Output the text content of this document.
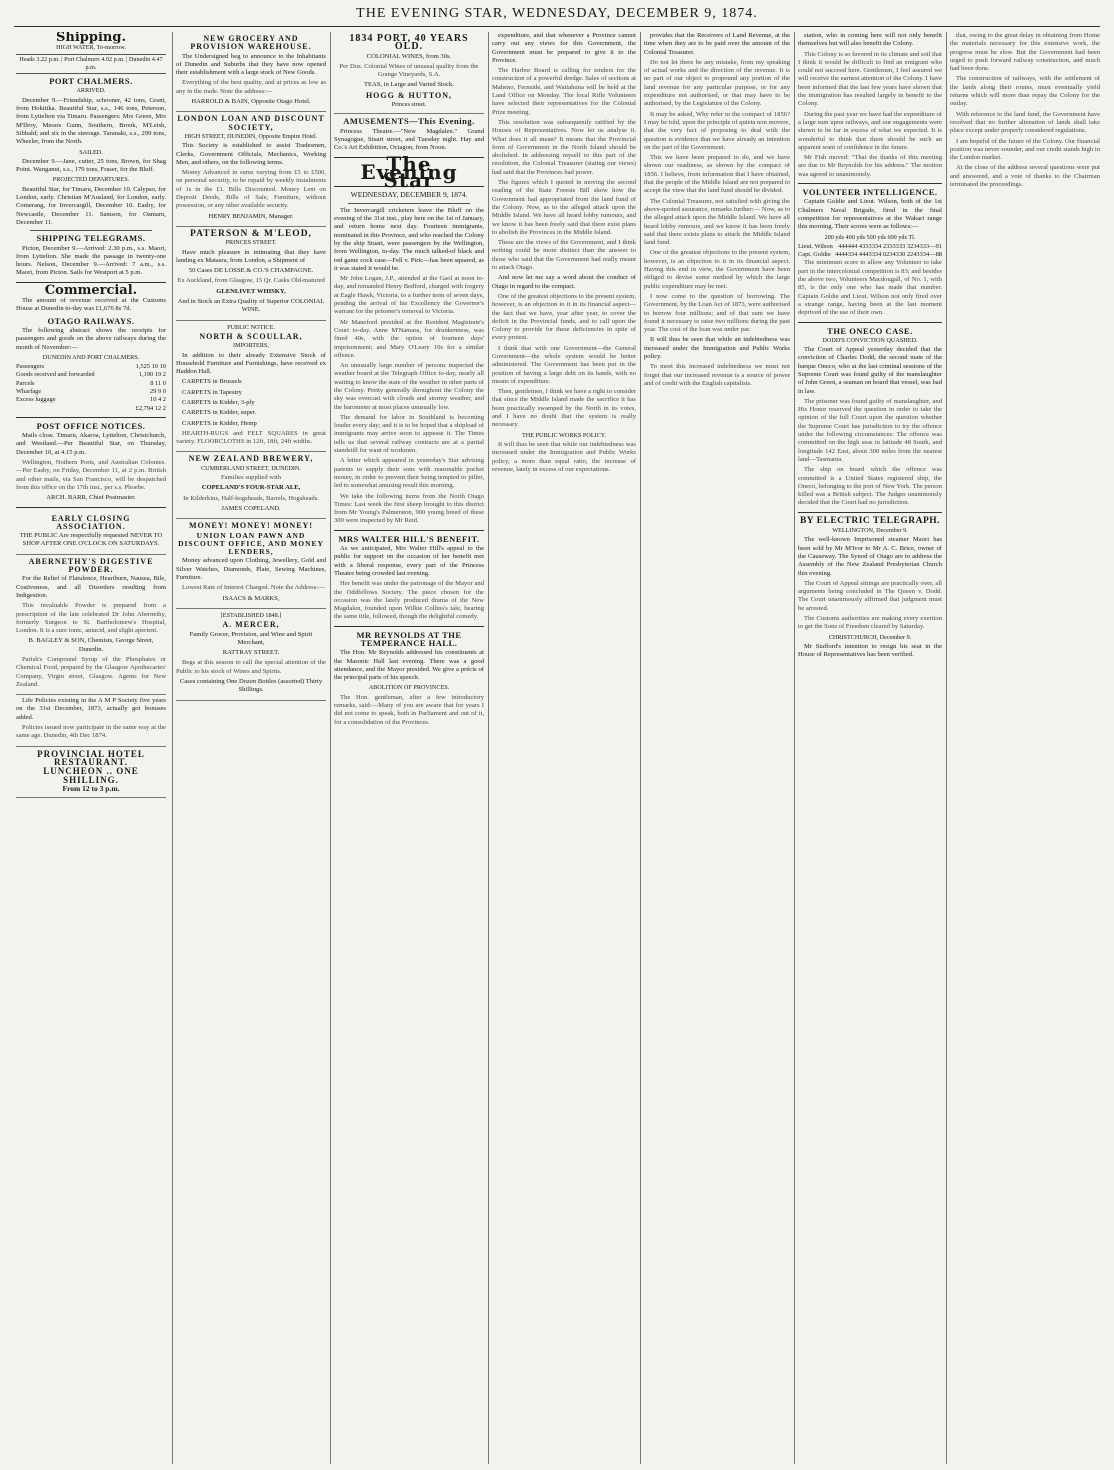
THE EVENING STAR, WEDNESDAY, DECEMBER 9, 1874.
Shipping.
HIGH WATER, To-morrow.
Heads 3.22 p.m. | Port Chalmers 4.02 p.m. | Dunedin 4.47 p.m.
PORT CHALMERS.
ARRIVED.

December 9.—Friendship, schooner, 42 tons, Grant, from Hokitika. Beautiful Star, s.s., 146 tons, Peterson, from Lyttelton via Timaru. Passengers: Mrs Green, Mrs M'Ilroy, Messrs Gunn, Southern, Brook, M'Leish, Sibbald; and six in the steerage. Taranaki, s.s., 299 tons, Wheeler, from the North.

SAILED.

December 9.—Jane, cutter, 25 tons, Brown, for Shag Point. Wanganui, s.s., 179 tons, Fraser, for the Bluff.

PROJECTED DEPARTURES.

Beautiful Star, for Timaru, December 10. Calypso, for London, early. Christian M'Ausland, for London, early. Comerang, for Invercargill, December 10. Easby, for Newcastle, December 11. Samson, for Oamaru, December 11.

SHIPPING TELEGRAMS.

Picton, December 9.—Arrived: 2.30 p.m., s.s. Maori, from Lyttelton. She made the passage in twenty-one hours. Nelson, December 9.—Arrived: 7 a.m., s.s. Maori, from Picton. Sails for Westport at 5 p.m.

Commercial.

The amount of revenue received at the Customs House at Dunedin to-day was £1,676 8s 7d.

OTAGO RAILWAYS.

The following abstract shows the receipts for passengers and goods on the above railways during the month of November:—

DUNEDIN AND PORT CHALMERS.
Passengers	1,525 10 10
Goods received and forwarded	1,190 19 2
Parcels	8 11 0
Wharfage	29 9 0
Excess luggage	10 4 2
	£2,794 12 2
POST OFFICE NOTICES.

Mails close. Timaru, Akaroa, Lyttelton, Christchurch, and Westland.—Per Beautiful Star, on Thursday, December 10, at 4.15 p.m.

Wellington, Nothern Ports, and Australian Colonies.—Per Easby, on Friday, December 11, at 2 p.m. British and other mails, via San Francisco, will be despatched from this office on the 17th inst., per s.s. Phoebe.

ARCH. BARR, Chief Postmaster.

EARLY CLOSING ASSOCIATION.

THE PUBLIC Are respectfully requested NEVER TO SHOP AFTER ONE O'CLOCK ON SATURDAYS.

ABERNETHY'S DIGESTIVE POWDER.

For the Relief of Flatulence, Heartburn, Nausea, Bile, Costiveness, and all Disorders resulting from Indigestion.

This invaluable Powder is prepared from a prescription of the late celebrated Dr John Abernethy, formerly Surgeon to St. Bartholomew's Hospital, London. It is a sure tonic, antacid, and slight aperient.

B. BAGLEY & SON, Chemists, George Street, Dunedin.

Parish's Compound Syrup of the Phosphates or Chemical Food, prepared by the Glasgow Apothecaries' Company, Virgin street, Glasgow. Agents for New Zealand.

Life Policies existing in the A M P Society five years on the 31st December, 1873, actually got bonuses added.

Policies issued now participate in the same way at the same age. Dunedin, 4th Dec 1874.

PROVINCIAL HOTEL RESTAURANT.
LUNCHEON .. ONE SHILLING.
From 12 to 3 p.m.
NEW GROCERY AND PROVISION WAREHOUSE.

The Undersigned beg to announce to the Inhabitants of Dunedin and Suburbs that they have now opened their establishment with a large stock of New Goods.

Everything of the best quality, and at prices as low as any in the trade. Note the address:—

HARROLD & BAIN, Opposite Otago Hotel.

LONDON LOAN AND DISCOUNT SOCIETY,
HIGH STREET, DUNEDIN, Opposite Empire Hotel.

This Society is established to assist Tradesmen, Clerks, Government Officials, Mechanics, Working Men, and others, on the following terms.

Money Advanced in sums varying from £5 to £500, on personal security, to be repaid by weekly instalments of 1s in the £1. Bills Discounted. Money Lent on Deposit Deeds, Bills of Sale, Furniture, without possession, or any other available security.

HENRY BENJAMIN, Manager.

PATERSON & M'LEOD,
PRINCES STREET.

Have much pleasure in intimating that they have landing ex Matasra, from London, a Shipment of

50 Cases DE LOSSE & CO.'S CHAMPAGNE.

Ex Auckland, from Glasgow, 15 Qr. Casks Old-matured

GLENLIVET WHISKY,

And in Stock an Extra Quality of Superior COLONIAL WINE.

PUBLIC NOTICE.
NORTH & SCOULLAR,
IMPORTERS,

In addition to their already Extensive Stock of Household Furniture and Furnishings, have received ex Haddon Hall.

CARPETS in Brussels

CARPETS in Tapestry

CARPETS in Kidder, 3-ply

CARPETS in Kidder, super.

CARPETS in Kidder, Hemp

HEARTH-RUGS and FELT SQUARES in great variety. FLOORCLOTHS in 12ft, 18ft, 24ft widths.

NEW ZEALAND BREWERY,
CUMBERLAND STREET, DUNEDIN.

Families supplied with

COPELAND'S FOUR-STAR ALE,

In Kilderkins, Half-hogsheads, Barrels, Hogsheads.

JAMES COPELAND.

MONEY! MONEY! MONEY!
UNION LOAN PAWN AND DISCOUNT OFFICE, AND MONEY LENDERS,

Money advanced upon Clothing, Jewellery, Gold and Silver Watches, Diamonds, Plate, Sewing Machines, Furniture.

Lowest Rate of Interest Charged. Note the Address:—

ISAACS & MARKS,

[ESTABLISHED 1848.]
A. MERCER,

Family Grocer, Provision, and Wine and Spirit Merchant,

RATTRAY STREET.

Begs at this season to call the special attention of the Public to his stock of Wines and Spirits.

Cases containing One Dozen Bottles (assorted) Thirty Shillings.

1834 PORT, 40 YEARS OLD.

COLONIAL WINES, from 30s.

Per Doz. Colonial Wines of unusual quality from the Grange Vineyards, S.A.

TEAS, in Large and Varied Stock.

HOGG & HUTTON,
Princes street.
AMUSEMENTS—This Evening.

Princess Theatre.—"New Magdalen." Grand Synagogue, Stuart street, and Tuesday night. Hay and Co.'s Art Exhibition, Octagon, from Noon.

The Evening Star
WEDNESDAY, DECEMBER 9, 1874.

The Invercargill cricketers leave the Bluff on the evening of the 31st inst., play here on the 1st of January, and return home next day. Fourteen immigrants, nominated in this Province, and who reached the Colony by the ship Stuart, were passengers by the Wellington, from Wellington, to-day. The much talked-of black and red game cock case—Fell v. Piric—has been squared, as it was stated it would be.

Mr John Logan, J.P., attended at the Gaol at noon to-day, and remanded Henry Bedford, charged with forgery at Eagle Hawk, Victoria, to a further term of seven days, pending the arrival of his Excellency the Governor's warrant for the prisoner's removal to Victoria.

Mr Maneford presided at the Resident Magistrate's Court to-day. Anne M'Namara, for drunkenness, was fined 40s, with the option of fourteen days' imprisonment; and Mary O'Leary 10s for a similar offence.

An unusually large number of persons inspected the weather board at the Telegraph Office to-day, nearly all waiting to know the state of the weather in other parts of the Colony. Pretty generally throughout the Colony the sky was overcast with clouds and stormy weather, and the barometer at most places unusually low.

The demand for labor in Southland is becoming louder every day; and it is to be hoped that a shipload of immigrants may arrive soon to appease it. The Times tells us that several railway contracts are at a partial standstill for want of workmen.

A letter which appeared in yesterday's Star advising parents to supply their sons with reasonable pocket money, in order to prevent their being tempted to pilfer, led to somewhat amusing result this morning.

We take the following items from the North Otago Times: Last week the first sheep brought to this district from Mr Young's Palmerston, 900 young breed of these 300 were inspected by Mr Reid.

MRS WALTER HILL'S BENEFIT.

As we anticipated, Mrs Walter Hill's appeal to the public for support on the occasion of her benefit met with a liberal response, every part of the Princess Theatre being crowded last evening.

Her benefit was under the patronage of the Mayor and the Oddfellows Society. The piece chosen for the occasion was the lately produced drama of the New Magdalen, founded upon Wilkie Collins's tale, bearing the same title, followed, though the delightful comedy.

MR REYNOLDS AT THE TEMPERANCE HALL.

The Hon. Mr Reynolds addressed his constituents at the Masonic Hall last evening. There was a good attendance, and the Mayor presided. We give a précis of the principal parts of his speech.

ABOLITION OF PROVINCES.

The Hon. gentleman, after a few introductory remarks, said:—Many of you are aware that for years I did not come to speak, both in Parliament and out of it, for a consolidation of the Provinces.

expenditure, and that whenever a Province cannot carry out any views for this Government, the Government must be prepared to give it to the Province.

The Harbor Board is calling for tenders for the construction of a powerful dredge. Sales of sections at Maheno, Fernside, and Waitahuna will be held at the Land Office on Monday. The local Rifle Volunteers have selected their representatives for the Colonial Prize meeting.

This resolution was subsequently ratified by the Houses of Representatives. Now let us analyse it. What does it all mean? It means that the Provincial form of Government in the North Island should be abolished. In addressing myself to this part of the resolution, the Colonial Treasurer (stating our views) had said that the Provinces had power.

The figures which I quoted in moving the second reading of the State Forests Bill show how the Government had appropriated from the land fund of the Colony. Now, as to the alleged attack upon the Middle Island. We have all heard lobby rumours, and we know it has been freely said that there exist plans to abolish the Provinces in the Middle Island.

These are the views of the Government, and I think nothing could be more distinct than the answer to those who said that the Government had really meant to attack Otago.

And now let me say a word about the conduct of Otago in regard to the compact.

One of the greatest objections to the present system, however, is an objection to it in its financial aspect—the fact that we have, year after year, to cover the deficit in the Provincial funds, and to call upon the Colony to provide for these deficiencies in spite of every protest.

I think that with one Government—the General Government—the whole system would be better administered. The Government has been put in the position of having a large debt on its hands, with no means of expenditure.

Then, gentlemen, I think we have a right to consider that since the Middle Island made the sacrifice it has been practically swamped by the North in its votes, and I have no doubt that the system is really necessary.

THE PUBLIC WORKS POLICY.

It will thus be seen that while our indebtedness was increased under the Immigration and Public Works policy, a more than equal ratio, the increase of revenue, lately in excess of our expectations.

provides that the Receivers of Land Revenue, at the time when they are to be paid over the amount of the Colonial Treasurer.

Do not let there be any mistake, from my speaking of actual works and the direction of the revenue. It is no part of our object to propound any portion of the land revenue for any particular purpose, or for any expenditure not authorised, or that may have to be authorised, by the Legislature of the Colony.

It may be asked, Why refer to the compact of 1856? I may be told, upon the principle of quieta non movere, that the very fact of proposing to deal with the question is evidence that we have already an intention on the part of the Government.

This we have been prepared to do, and we have shown our readiness, as shown by the compact of 1856. I believe, from information that I have obtained, that the people of the Middle Island are not prepared to accept the view that the land fund should be divided.

The Colonial Treasurer, not satisfied with giving the above-quoted assurance, remarks further:— Now, as to the alleged attack upon the Middle Island. We have all heard lobby rumours, and we know it has been freely said that there exists plans to attack the Middle Island land fund.

One of the greatest objections to the present system, however, is an objection to it in its financial aspect. Having this end in view, the Government have been obliged to devise some method by which the large public expenditure may be met.

I now come to the question of borrowing. The Government, by the Loan Act of 1873, were authorised to borrow four millions; and of that sum we have found it necessary to raise two millions during the past year. The cost of the loan was under par.

It will thus be seen that while an indebtedness was increased under the Immigration and Public Works policy.

To meet this increased indebtedness we must not forget that our increased revenue is a source of power and of credit with the English capitalists.

station, who in coming here will not only benefit themselves but will also benefit the Colony.

This Colony is so favored in its climate and soil that I think it would be difficult to find an emigrant who could not succeed here. Gentlemen, I feel assured we will receive the earnest attention of the Colony. I have been informed that the last few years have shown that the immigration has resulted largely in benefit to the Colony.

During the past year we have had the expenditure of a large sum upon railways, and our engagements were shown to be far in excess of what we expected. It is wonderful to think that there should be such an apparent want of confidence in the future.

Mr Fish moved: "That the thanks of this meeting are due to Mr Reynolds for his address." The motion was agreed to unanimously.

VOLUNTEER INTELLIGENCE.

Captain Goldie and Lieut. Wilson, both of the 1st Chalmers Naval Brigade, fired in the final competition for representatives at the Wakari range this morning. Their scores were as follows:—

200 yds 400 yds 500 yds 600 yds Tl.
Lieut. Wilson	444444 4333334 2333333 3234333—91
Capt. Goldie	4444334 4443334 0234330 2243334—88

The minimum score to allow any Volunteer to take part in the intercolonial competition is 83; and besides the above two, Volunteers Macdougall, of No. 1, with 85, is the only one who has made that number. Captain Goldie and Lieut. Wilson not only fired over a strange range, having been at the last moment deprived of the use of their own.

THE ONECO CASE.
DODD'S CONVICTION QUASHED.

The Court of Appeal yesterday decided that the conviction of Charles Dodd, the second mate of the barque Oneco, who at the last criminal sessions of the Supreme Court was found guilty of the manslaughter of John Green, a seaman on board that vessel, was bad in law.

The prisoner was found guilty of manslaughter, and His Honor reserved the question in order to take the opinion of the full Court upon the question whether the Supreme Court has jurisdiction to try the offence under the following circumstances: The offence was committed on the high seas in latitude 48 South, and longitude 142 East, about 300 miles from the nearest land—Tasmania.

The ship on board which the offence was committed is a United States registered ship, the Oneco, belonging to the port of New York. The person killed was a British subject. The Judges unanimously decided that the Court had no jurisdiction.

BY ELECTRIC TELEGRAPH.
WELLINGTON, December 9.

The well-known Imprisoned steamer Maori has been sold by Mr M'Ivor to Mr A. C. Brice, owner of the Causeway. The Synod of Otago are to address the Assembly of the New Zealand Presbyterian Church this evening.

The Court of Appeal sittings are practically over, all arguments being concluded in The Queen v. Dodd. The Court unanimously affirmed that judgment must be arrested.

The Customs authorities are making every exertion to get the Sons of Freedom cleared by Saturday.

CHRISTCHURCH, December 9.

Mr Stafford's intention to resign his seat in the House of Representatives has been verified.

that, owing to the great delay in obtaining from Home the materials necessary for this extensive work, the progress must be slow. But the Government had been urged to push forward railway construction, and much had been done.

The construction of railways, with the settlement of the lands along their routes, must eventually yield returns which will more than repay the Colony for the outlay.

With reference to the land fund, the Government have resolved that no further alienation of lands shall take place except under properly considered regulations.

I am hopeful of the future of the Colony. Our financial position was never sounder, and our credit stands high in the London market.

At the close of the address several questions were put and answered, and a vote of thanks to the Chairman terminated the proceedings.
